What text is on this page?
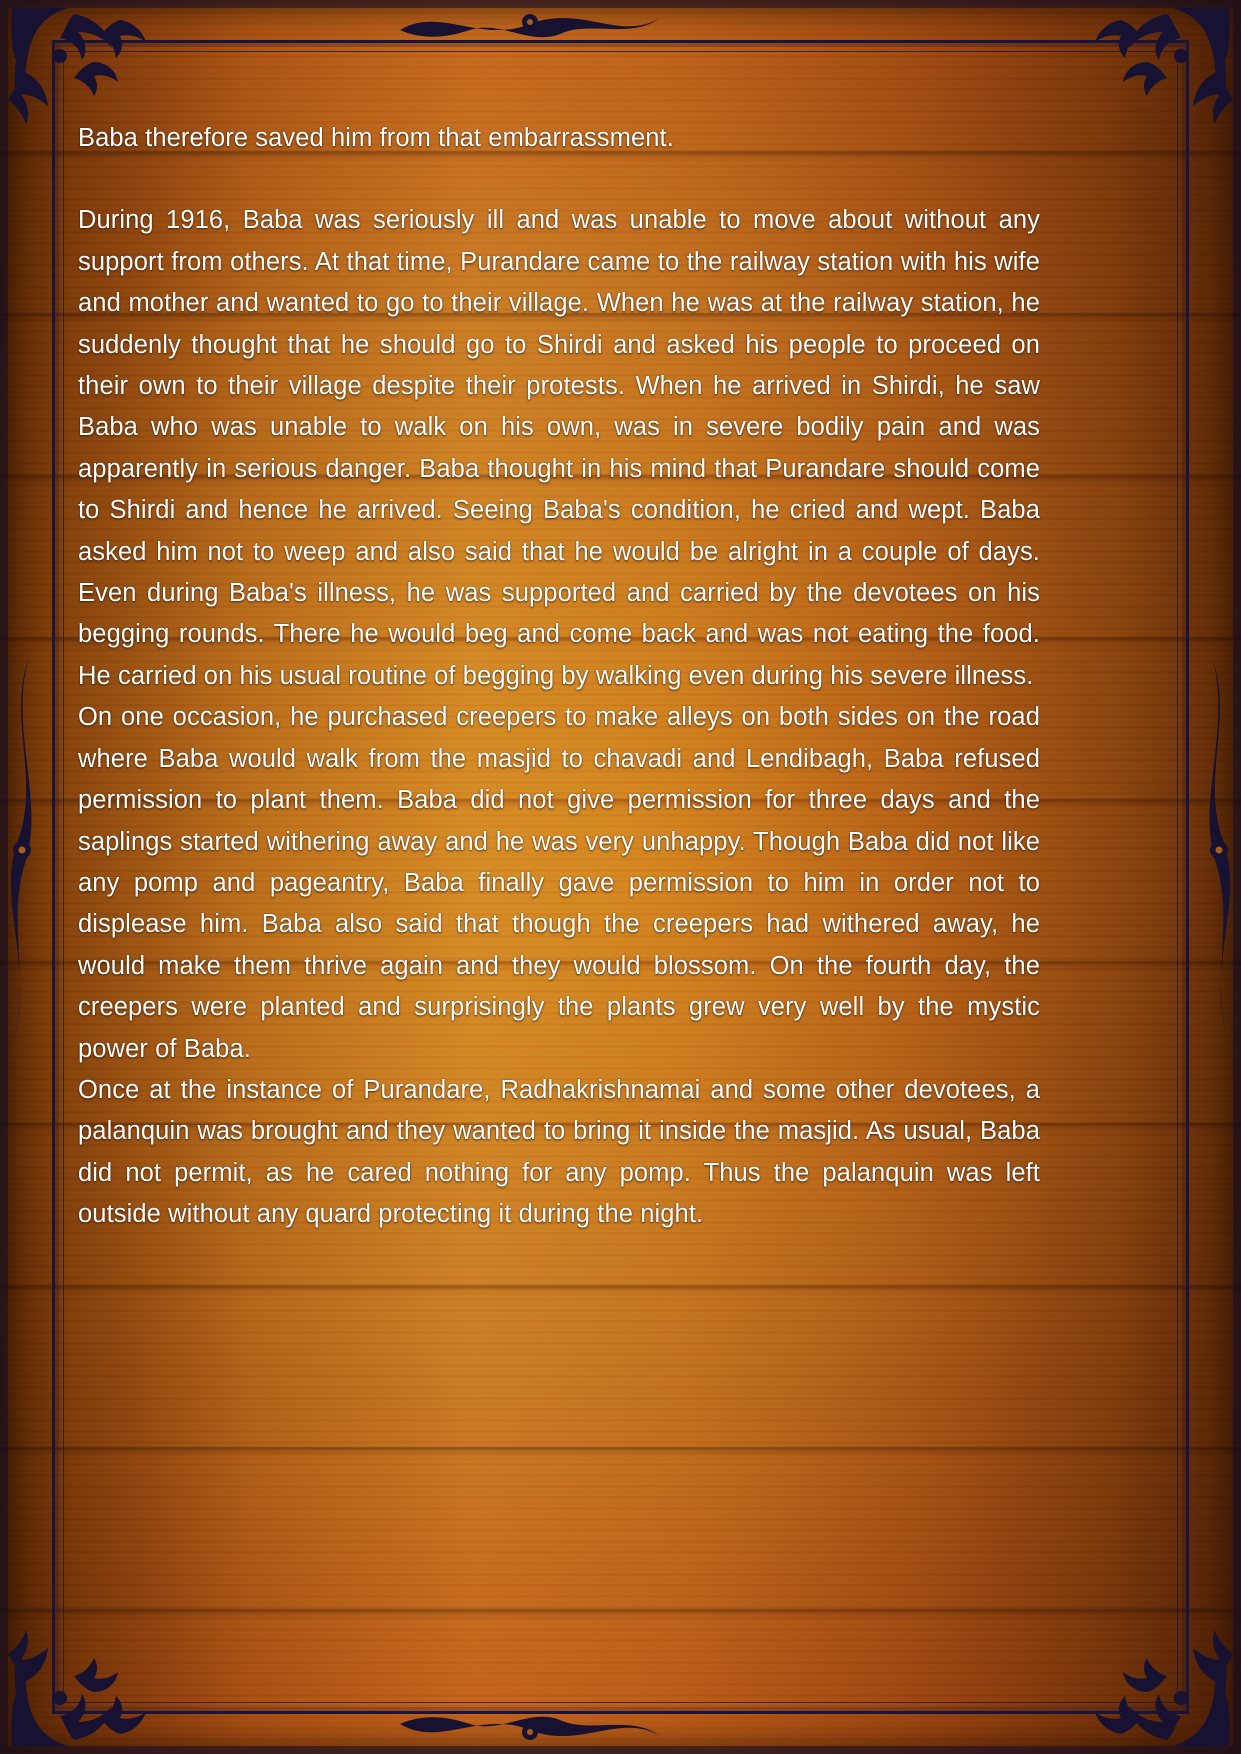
Baba therefore saved him from that embarrassment.

During 1916, Baba was seriously ill and was unable to move about without any support from others. At that time, Purandare came to the railway station with his wife and mother and wanted to go to their village. When he was at the railway station, he suddenly thought that he should go to Shirdi and asked his people to proceed on their own to their village despite their protests. When he arrived in Shirdi, he saw Baba who was unable to walk on his own, was in severe bodily pain and was apparently in serious danger. Baba thought in his mind that Purandare should come to Shirdi and hence he arrived. Seeing Baba's condition, he cried and wept. Baba asked him not to weep and also said that he would be alright in a couple of days. Even during Baba's illness, he was supported and carried by the devotees on his begging rounds. There he would beg and come back and was not eating the food. He carried on his usual routine of begging by walking even during his severe illness.

On one occasion, he purchased creepers to make alleys on both sides on the road where Baba would walk from the masjid to chavadi and Lendibagh, Baba refused permission to plant them. Baba did not give permission for three days and the saplings started withering away and he was very unhappy. Though Baba did not like any pomp and pageantry, Baba finally gave permission to him in order not to displease him. Baba also said that though the creepers had withered away, he would make them thrive again and they would blossom. On the fourth day, the creepers were planted and surprisingly the plants grew very well by the mystic power of Baba.

Once at the instance of Purandare, Radhakrishnamai and some other devotees, a palanquin was brought and they wanted to bring it inside the masjid. As usual, Baba did not permit, as he cared nothing for any pomp. Thus the palanquin was left outside without any quard protecting it during the night.
